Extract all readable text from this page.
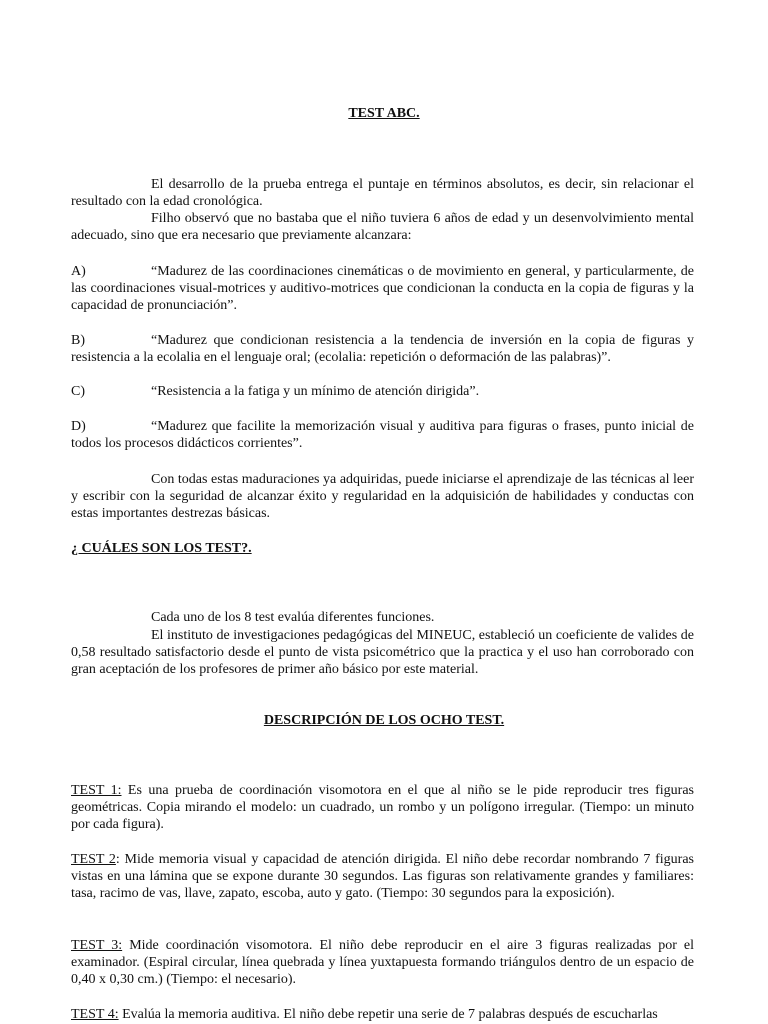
TEST ABC.

El desarrollo de la prueba entrega el puntaje en términos absolutos, es decir, sin relacionar el resultado con la edad cronológica.

Filho observó que no bastaba que el niño tuviera 6 años de edad y un desenvolvimiento mental adecuado, sino que era necesario que previamente alcanzara:

A)	“Madurez de las coordinaciones cinemáticas o de movimiento en general, y particularmente, de las coordinaciones visual-motrices y auditivo-motrices que condicionan la conducta en la copia de figuras y la capacidad de pronunciación”.
B)	“Madurez que condicionan resistencia a la tendencia de inversión en la copia de figuras y resistencia a la ecolalia en el lenguaje oral; (ecolalia: repetición o deformación de las palabras)”.
C)	“Resistencia a la fatiga y un mínimo de atención dirigida”.
D)	“Madurez que facilite la memorización visual y auditiva para figuras o frases, punto inicial de todos los procesos didácticos corrientes”.

Con todas estas maduraciones ya adquiridas, puede iniciarse el aprendizaje de las técnicas al leer y escribir con la seguridad de alcanzar éxito y regularidad en la adquisición de habilidades y conductas con estas importantes destrezas básicas.

¿ CUÁLES SON LOS TEST?.

Cada uno de los 8 test evalúa diferentes funciones.

El instituto de investigaciones pedagógicas del MINEUC, estableció un coeficiente de valides de 0,58 resultado satisfactorio desde el punto de vista psicométrico que la practica y el uso han corroborado con gran aceptación de los profesores de primer año básico por este material.

DESCRIPCIÓN DE LOS OCHO TEST.

TEST 1: Es una prueba de coordinación visomotora en el que al niño se le pide reproducir tres figuras geométricas. Copia mirando el modelo: un cuadrado, un rombo y un polígono irregular. (Tiempo: un minuto por cada figura).

TEST 2: Mide memoria visual y capacidad de atención dirigida. El niño debe recordar nombrando 7 figuras vistas en una lámina que se expone durante 30 segundos. Las figuras son relativamente grandes y familiares: tasa, racimo de vas, llave, zapato, escoba, auto y gato. (Tiempo: 30 segundos para la exposición).

TEST 3: Mide coordinación visomotora. El niño debe reproducir en el aire 3 figuras realizadas por el examinador. (Espiral circular, línea quebrada y línea yuxtapuesta formando triángulos dentro de un espacio de 0,40 x 0,30 cm.) (Tiempo: el necesario).

TEST 4: Evalúa la memoria auditiva. El niño debe repetir una serie de 7 palabras después de escucharlas
